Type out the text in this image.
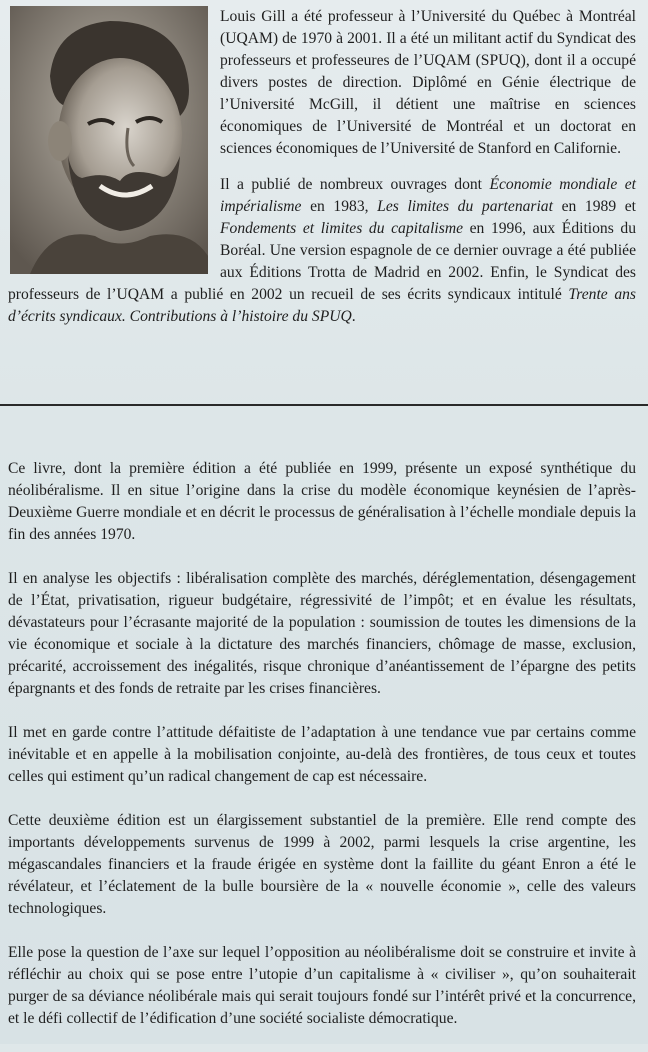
Louis Gill a été professeur à l’Université du Québec à Montréal (UQAM) de 1970 à 2001. Il a été un militant actif du Syndicat des professeurs et professeures de l’UQAM (SPUQ), dont il a occupé divers postes de direction. Diplômé en Génie électrique de l’Université McGill, il détient une maîtrise en sciences économiques de l’Université de Montréal et un doctorat en sciences économiques de l’Université de Stanford en Californie.

Il a publié de nombreux ouvrages dont Économie mondiale et impérialisme en 1983, Les limites du partenariat en 1989 et Fondements et limites du capitalisme en 1996, aux Éditions du Boréal. Une version espagnole de ce dernier ouvrage a été publiée aux Éditions Trotta de Madrid en 2002. Enfin, le Syndicat des professeurs de l’UQAM a publié en 2002 un recueil de ses écrits syndicaux intitulé Trente ans d’écrits syndicaux. Contributions à l’histoire du SPUQ.

Ce livre, dont la première édition a été publiée en 1999, présente un exposé synthétique du néolibéralisme. Il en situe l’origine dans la crise du modèle économique keynésien de l’après-Deuxième Guerre mondiale et en décrit le processus de généralisation à l’échelle mondiale depuis la fin des années 1970.

Il en analyse les objectifs : libéralisation complète des marchés, déréglementation, désengagement de l’État, privatisation, rigueur budgétaire, régressivité de l’impôt; et en évalue les résultats, dévastateurs pour l’écrasante majorité de la population : soumission de toutes les dimensions de la vie économique et sociale à la dictature des marchés financiers, chômage de masse, exclusion, précarité, accroissement des inégalités, risque chronique d’anéantissement de l’épargne des petits épargnants et des fonds de retraite par les crises financières.

Il met en garde contre l’attitude défaitiste de l’adaptation à une tendance vue par certains comme inévitable et en appelle à la mobilisation conjointe, au-delà des frontières, de tous ceux et toutes celles qui estiment qu’un radical changement de cap est nécessaire.

Cette deuxième édition est un élargissement substantiel de la première. Elle rend compte des importants développements survenus de 1999 à 2002, parmi lesquels la crise argentine, les mégascandales financiers et la fraude érigée en système dont la faillite du géant Enron a été le révélateur, et l’éclatement de la bulle boursière de la « nouvelle économie », celle des valeurs technologiques.

Elle pose la question de l’axe sur lequel l’opposition au néolibéralisme doit se construire et invite à réfléchir au choix qui se pose entre l’utopie d’un capitalisme à « civiliser », qu’on souhaiterait purger de sa déviance néolibérale mais qui serait toujours fondé sur l’intérêt privé et la concurrence, et le défi collectif de l’édification d’une société socialiste démocratique.
